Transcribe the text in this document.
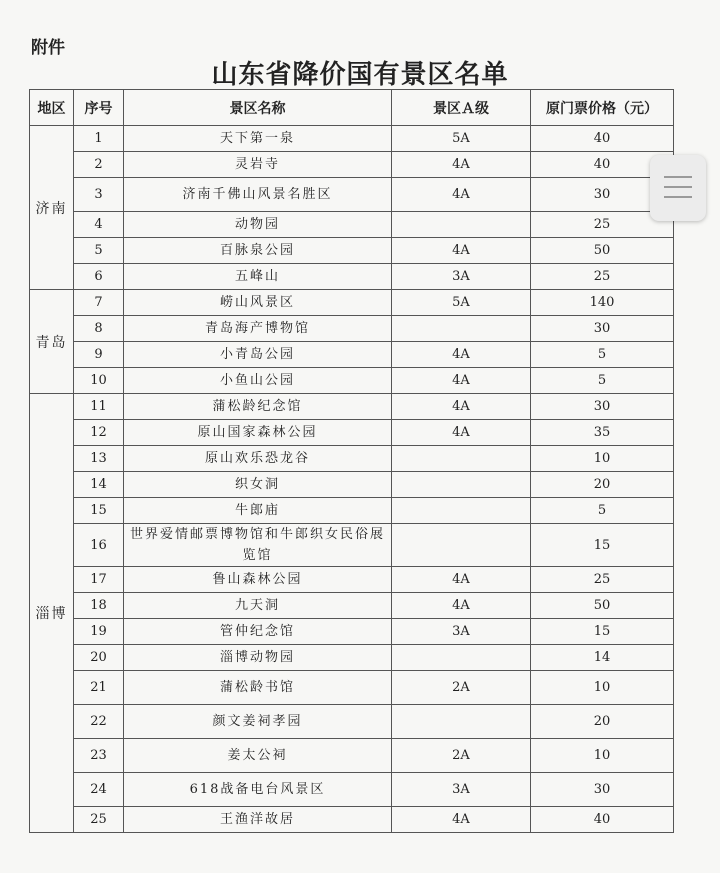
附件
山东省降价国有景区名单
地区	序号	景区名称	景区Ａ级	原门票价格（元）
济南	1	天下第一泉	5A	40
	2	灵岩寺	4A	40
	3	济南千佛山风景名胜区	4A	30
	4	动物园		25
	5	百脉泉公园	4A	50
	6	五峰山	3A	25
青岛	7	崂山风景区	5A	140
	8	青岛海产博物馆		30
	9	小青岛公园	4A	5
	10	小鱼山公园	4A	5
淄博	11	蒲松龄纪念馆	4A	30
	12	原山国家森林公园	4A	35
	13	原山欢乐恐龙谷		10
	14	织女洞		20
	15	牛郎庙		5
	16	世界爱情邮票博物馆和牛郎织女民俗展览馆		15
	17	鲁山森林公园	4A	25
	18	九天洞	4A	50
	19	管仲纪念馆	3A	15
	20	淄博动物园		14
	21	蒲松龄书馆	2A	10
	22	颜文姜祠孝园		20
	23	姜太公祠	2A	10
	24	618战备电台风景区	3A	30
	25	王渔洋故居	4A	40
